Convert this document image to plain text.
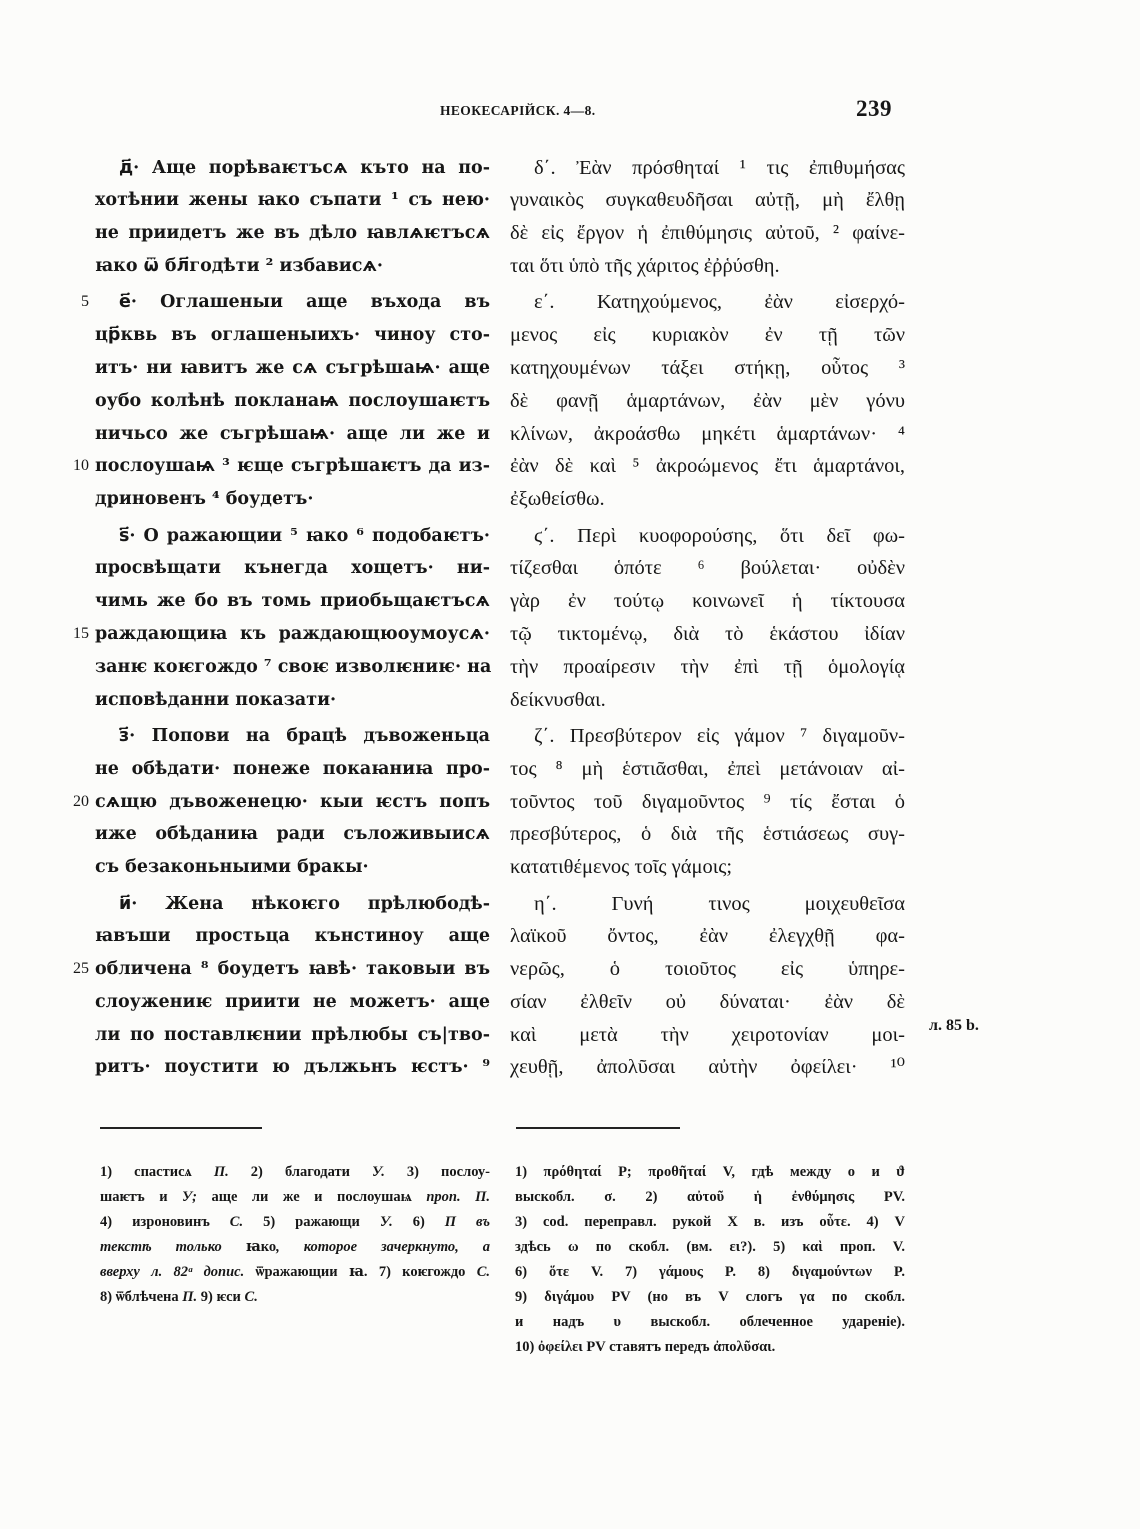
НЕОКЕСАРІЙСК. 4—8.	239
д҃· Аще порѣваѥтъсѧ къто на по-
хотѣнии жены ꙗко съпати ¹ съ нею·
не приидетъ же въ дѣло ꙗвлѧѥтъсѧ
ꙗко ѿ бл҃годѣти ² избависѧ·
5 е҃· Оглашеныи аще въхода въ
цр҃квь въ оглашеныихъ· чиноу сто-
итъ· ни ꙗвитъ же сѧ съгрѣшаѩ· аще
оубо колѣнѣ покланаѩ послоушаѥтъ
ничьсо же съгрѣшаѩ· аще ли же и
10 послоушаѩ ³ ѥще съгрѣшаѥтъ да из-
дриновенъ ⁴ боудетъ·
ѕ҃· О ражающии ⁵ ꙗко ⁶ подобаѥтъ·
просвѣщати кънегда хощетъ· ни-
чимь же бо въ томь приобьщаѥтъсѧ
15 раждающиꙗ къ раждающюоумоусѧ·
занѥ коѥгождо ⁷ своѥ изволѥниѥ· на
исповѣданни показати·
з҃· Попови на брацѣ дъвоженьца
не обѣдати· понеже покаꙗниꙗ про-
20 сѧщю дъвоженецю· кыи ѥстъ попъ
иже обѣданиꙗ ради съложивыисѧ
съ безаконьныими бракы·
и҃· Жена нѣкоѥго прѣлюбодѣ-
ꙗвъши простьца кънстиноу аще
25 обличена ⁸ боудетъ ꙗвѣ· таковыи въ
слоужениѥ приити не можетъ· аще
ли по поставлѥнии прѣлюбы съ|тво-
ритъ· поустити ю дължьнъ ѥстъ· ⁹
δ΄. Ἐὰν πρόσθηταί ¹ τις ἐπιθυμήσας
γυναικὸς συγκαθευδῆσαι αὐτῇ, μὴ ἔλθῃ
δὲ εἰς ἔργον ἡ ἐπιθύμησις αὐτοῦ, ² φαίνε-
ται ὅτι ὑπὸ τῆς χάριτος ἐῤῥύσθη.
ε΄. Κατηχούμενος, ἐὰν εἰσερχό-
μενος εἰς κυριακὸν ἐν τῇ τῶν
κατηχουμένων τάξει στήκῃ, οὗτος ³
δὲ φανῇ ἁμαρτάνων, ἐὰν μὲν γόνυ
κλίνων, ἀκροάσθω μηκέτι ἁμαρτάνων· ⁴
ἐὰν δὲ καὶ ⁵ ἀκροώμενος ἔτι ἁμαρτάνοι,
ἐξωθείσθω.
ϛ΄. Περὶ κυοφορούσης, ὅτι δεῖ φω-
τίζεσθαι ὁπότε ⁶ βούλεται· οὐδὲν
γὰρ ἐν τούτῳ κοινωνεῖ ἡ τίκτουσα
τῷ τικτομένῳ, διὰ τὸ ἑκάστου ἰδίαν
τὴν προαίρεσιν τὴν ἐπὶ τῇ ὁμολογίᾳ
δείκνυσθαι.
ζ΄. Πρεσβύτερον εἰς γάμον ⁷ διγαμοῦν-
τος ⁸ μὴ ἑστιᾶσθαι, ἐπεὶ μετάνοιαν αἰ-
τοῦντος τοῦ διγαμοῦντος ⁹ τίς ἔσται ὁ
πρεσβύτερος, ὁ διὰ τῆς ἑστιάσεως συγ-
κατατιθέμενος τοῖς γάμοις;
η΄. Γυνή τινος μοιχευθεῖσα
λαϊκοῦ ὄντος, ἐὰν ἐλεγχθῇ φα-
νερῶς, ὁ τοιοῦτος εἰς ὑπηρε-
σίαν ἐλθεῖν οὐ δύναται· ἐὰν δὲ
л. 85 b.
καὶ μετὰ τὴν χειροτονίαν μοι-
χευθῇ, ἀπολῦσαι αὐτὴν ὀφείλει· ¹⁰
1) спастисѧ П. 2) благодати У. 3) послоу-
шаѥтъ и У; аще ли же и послоушаѩ проп. П.
4) изроновинъ С. 5) ражающи У. 6) П въ
текстѣ только ꙗко, которое зачеркнуто, а
вверху л. 82ᵃ допис. ѿражающии ꙗ. 7) коѥгождо С.
8) ѿблѣчена П. 9) ѥси С.
1) πρόθηταί P; προθῆταί V, гдѣ между ο и ϑ
выскобл. σ. 2) αὐτοῦ ἡ ἐνθύμησις PV.
3) cod. переправл. рукой X в. изъ οὗτε. 4) V
здѣсь ω по скобл. (вм. ει?). 5) καὶ проп. V.
6) ὅτε V. 7) γάμους P. 8) διγαμούντων P.
9) διγάμου PV (но въ V слогъ γα по скобл.
и надъ υ выскобл. облеченное удареніе).
10) ὀφείλει PV ставятъ передъ ἀπολῦσαι.
